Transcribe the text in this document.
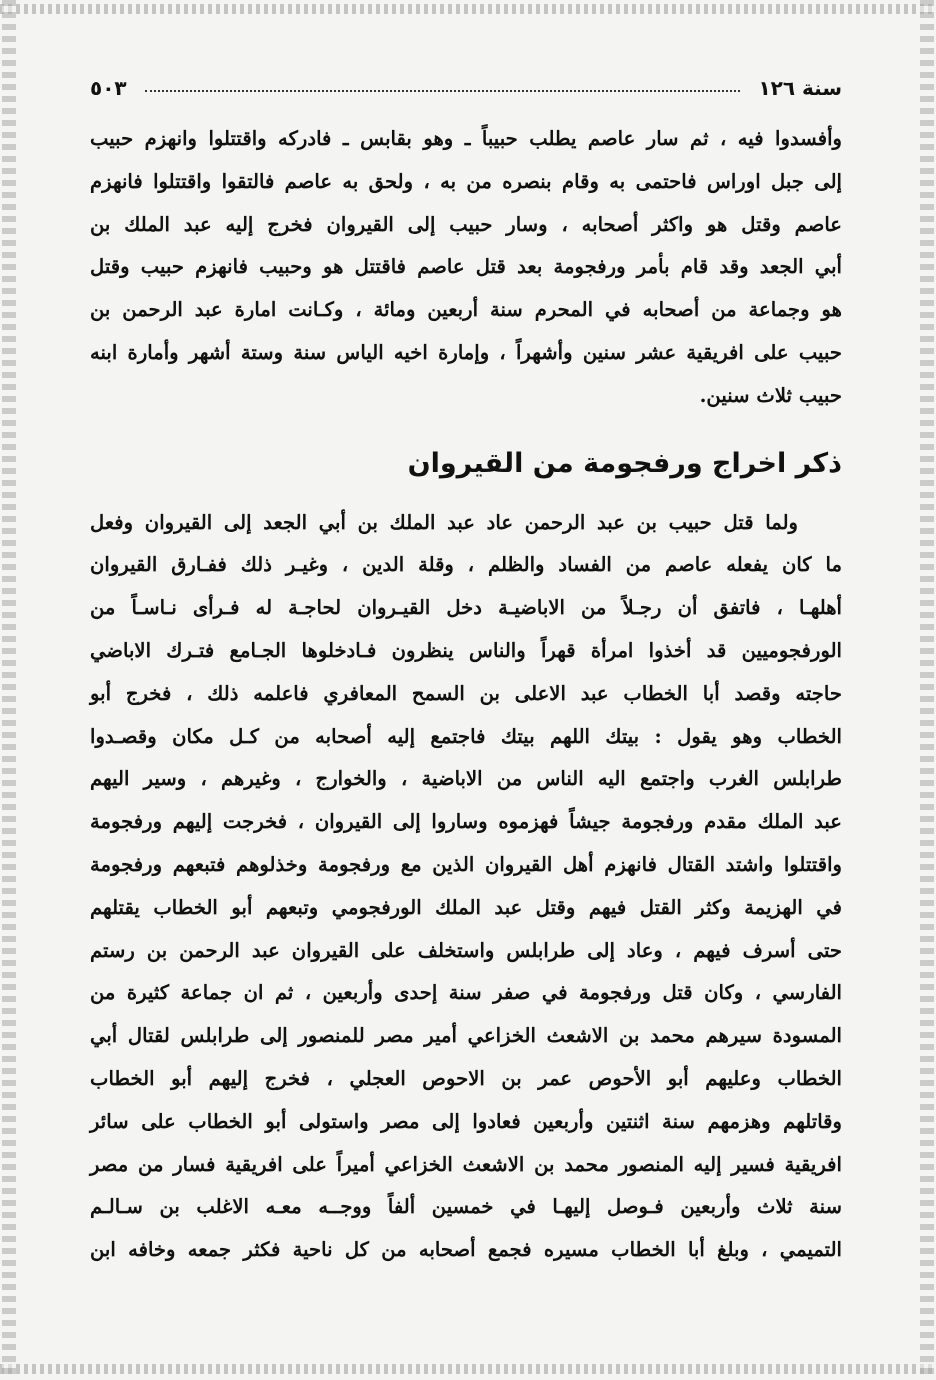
سنة ١٢٦
٥٠٣

وأفسدوا فيه ، ثم سار عاصم يطلب حبيباً ـ وهو بقابس ـ فادركه واقتتلوا وانهزم حبيب
إلى جبل اوراس فاحتمى به وقام بنصره من به ، ولحق به عاصم فالتقوا واقتتلوا فانهزم
عاصم وقتل هو واكثر أصحابه ، وسار حبيب إلى القيروان فخرج إليه عبد الملك بن
أبي الجعد وقد قام بأمر ورفجومة بعد قتل عاصم فاقتتل هو وحبيب فانهزم حبيب وقتل
هو وجماعة من أصحابه في المحرم سنة أربعين ومائة ، وكـانت امارة عبد الرحمن بن
حبيب على افريقية عشر سنين وأشهراً ، وإمارة اخيه الياس سنة وستة أشهر وأمارة ابنه
حبيب ثلاث سنين.

ذكر اخراج ورفجومة من القيروان

ولما قتل حبيب بن عبد الرحمن عاد عبد الملك بن أبي الجعد إلى القيروان وفعل
ما كان يفعله عاصم من الفساد والظلم ، وقلة الدين ، وغيـر ذلك ففـارق القيروان
أهلهـا ، فاتفق أن رجـلاً من الاباضيـة دخل القيـروان لحاجـة له فـرأى نـاسـاً من
الورفجوميين قد أخذوا امرأة قهراً والناس ينظرون فـادخلوها الجـامع فتـرك الاباضي
حاجته وقصد أبا الخطاب عبد الاعلى بن السمح المعافري فاعلمه ذلك ، فخرج أبو
الخطاب وهو يقول : بيتك اللهم بيتك فاجتمع إليه أصحابه من كـل مكان وقصـدوا
طرابلس الغرب واجتمع اليه الناس من الاباضية ، والخوارج ، وغيرهم ، وسير اليهم
عبد الملك مقدم ورفجومة جيشاً فهزموه وساروا إلى القيروان ، فخرجت إليهم ورفجومة
واقتتلوا واشتد القتال فانهزم أهل القيروان الذين مع ورفجومة وخذلوهم فتبعهم ورفجومة
في الهزيمة وكثر القتل فيهم وقتل عبد الملك الورفجومي وتبعهم أبو الخطاب يقتلهم
حتى أسرف فيهم ، وعاد إلى طرابلس واستخلف على القيروان عبد الرحمن بن رستم
الفارسي ، وكان قتل ورفجومة في صفر سنة إحدى وأربعين ، ثم ان جماعة كثيرة من
المسودة سيرهم محمد بن الاشعث الخزاعي أمير مصر للمنصور إلى طرابلس لقتال أبي
الخطاب وعليهم أبو الأحوص عمر بن الاحوص العجلي ، فخرج إليهم أبو الخطاب
وقاتلهم وهزمهم سنة اثنتين وأربعين فعادوا إلى مصر واستولى أبو الخطاب على سائر
افريقية فسير إليه المنصور محمد بن الاشعث الخزاعي أميراً على افريقية فسار من مصر
سنة ثلاث وأربعين فـوصل إليهـا في خمسين ألفاً ووجــه معـه الاغلب بن سـالـم
التميمي ، وبلغ أبا الخطاب مسيره فجمع أصحابه من كل ناحية فكثر جمعه وخافه ابن
